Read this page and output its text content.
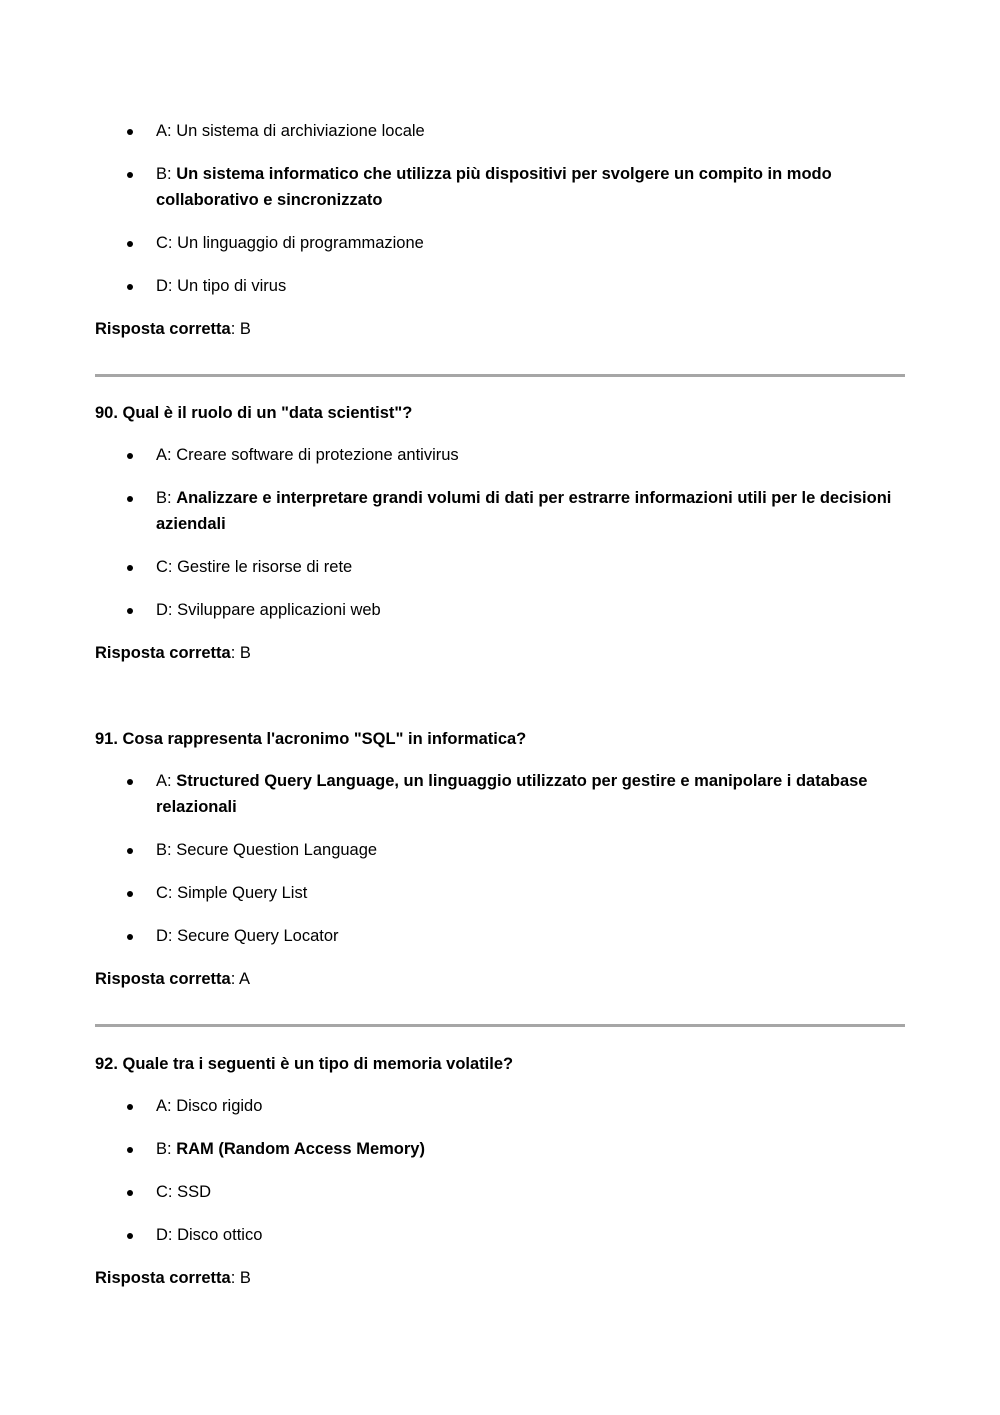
A: Un sistema di archiviazione locale
B: Un sistema informatico che utilizza più dispositivi per svolgere un compito in modo collaborativo e sincronizzato
C: Un linguaggio di programmazione
D: Un tipo di virus

Risposta corretta: B

90. Qual è il ruolo di un "data scientist"?

A: Creare software di protezione antivirus
B: Analizzare e interpretare grandi volumi di dati per estrarre informazioni utili per le decisioni aziendali
C: Gestire le risorse di rete
D: Sviluppare applicazioni web

Risposta corretta: B

91. Cosa rappresenta l'acronimo "SQL" in informatica?

A: Structured Query Language, un linguaggio utilizzato per gestire e manipolare i database relazionali
B: Secure Question Language
C: Simple Query List
D: Secure Query Locator

Risposta corretta: A

92. Quale tra i seguenti è un tipo di memoria volatile?

A: Disco rigido
B: RAM (Random Access Memory)
C: SSD
D: Disco ottico

Risposta corretta: B
